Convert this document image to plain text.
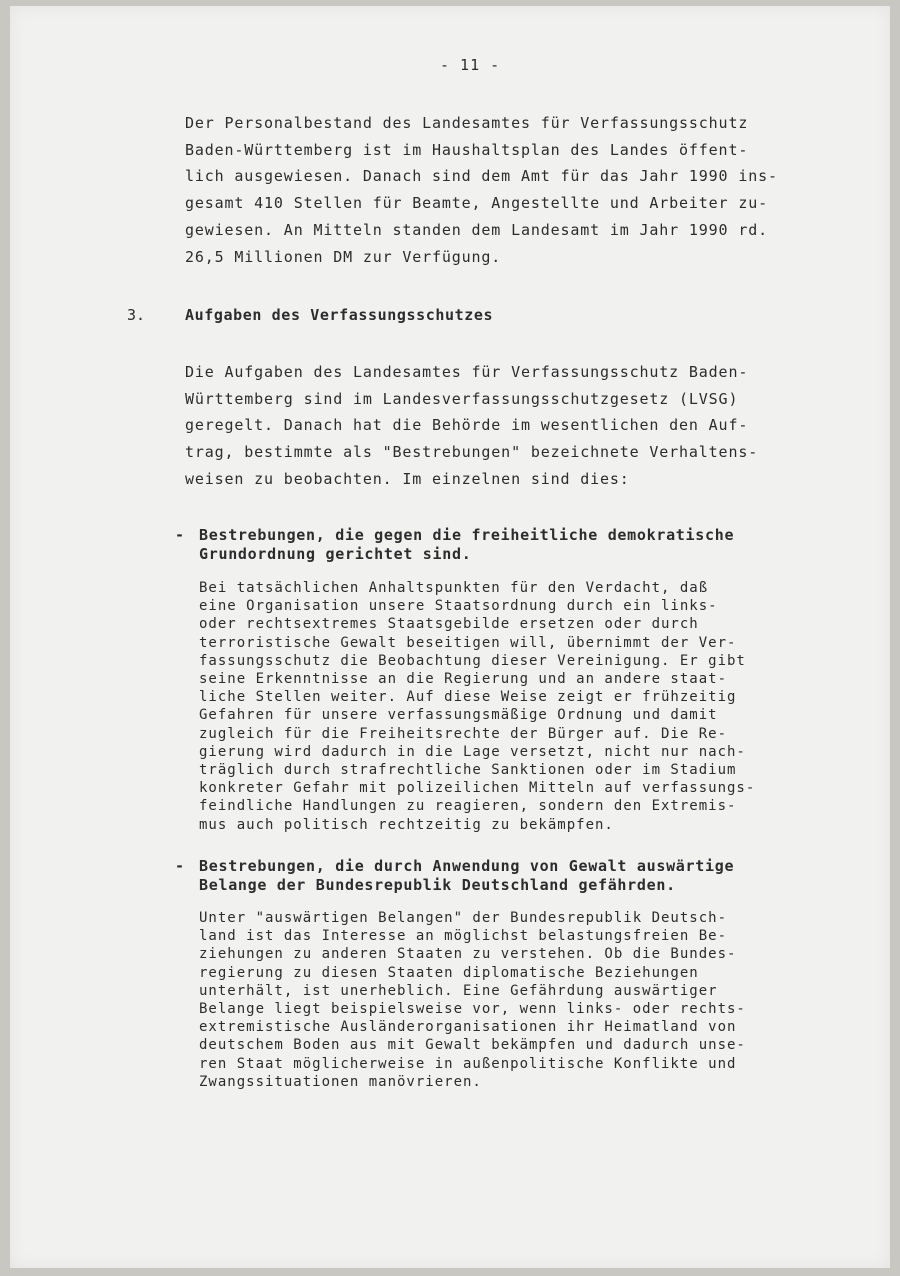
- 11 -
Der Personalbestand des Landesamtes für Verfassungsschutz
Baden-Württemberg ist im Haushaltsplan des Landes öffent-
lich ausgewiesen. Danach sind dem Amt für das Jahr 1990 ins-
gesamt 410 Stellen für Beamte, Angestellte und Arbeiter zu-
gewiesen. An Mitteln standen dem Landesamt im Jahr 1990 rd.
26,5 Millionen DM zur Verfügung.
3.	Aufgaben des Verfassungsschutzes
Die Aufgaben des Landesamtes für Verfassungsschutz Baden-
Württemberg sind im Landesverfassungsschutzgesetz (LVSG)
geregelt. Danach hat die Behörde im wesentlichen den Auf-
trag, bestimmte als "Bestrebungen" bezeichnete Verhaltens-
weisen zu beobachten. Im einzelnen sind dies:
- Bestrebungen, die gegen die freiheitliche demokratische
Grundordnung gerichtet sind.
Bei tatsächlichen Anhaltspunkten für den Verdacht, daß
eine Organisation unsere Staatsordnung durch ein links-
oder rechtsextremes Staatsgebilde ersetzen oder durch
terroristische Gewalt beseitigen will, übernimmt der Ver-
fassungsschutz die Beobachtung dieser Vereinigung. Er gibt
seine Erkenntnisse an die Regierung und an andere staat-
liche Stellen weiter. Auf diese Weise zeigt er frühzeitig
Gefahren für unsere verfassungsmäßige Ordnung und damit
zugleich für die Freiheitsrechte der Bürger auf. Die Re-
gierung wird dadurch in die Lage versetzt, nicht nur nach-
träglich durch strafrechtliche Sanktionen oder im Stadium
konkreter Gefahr mit polizeilichen Mitteln auf verfassungs-
feindliche Handlungen zu reagieren, sondern den Extremis-
mus auch politisch rechtzeitig zu bekämpfen.
- Bestrebungen, die durch Anwendung von Gewalt auswärtige
Belange der Bundesrepublik Deutschland gefährden.
Unter "auswärtigen Belangen" der Bundesrepublik Deutsch-
land ist das Interesse an möglichst belastungsfreien Be-
ziehungen zu anderen Staaten zu verstehen. Ob die Bundes-
regierung zu diesen Staaten diplomatische Beziehungen
unterhält, ist unerheblich. Eine Gefährdung auswärtiger
Belange liegt beispielsweise vor, wenn links- oder rechts-
extremistische Ausländerorganisationen ihr Heimatland von
deutschem Boden aus mit Gewalt bekämpfen und dadurch unse-
ren Staat möglicherweise in außenpolitische Konflikte und
Zwangssituationen manövrieren.
